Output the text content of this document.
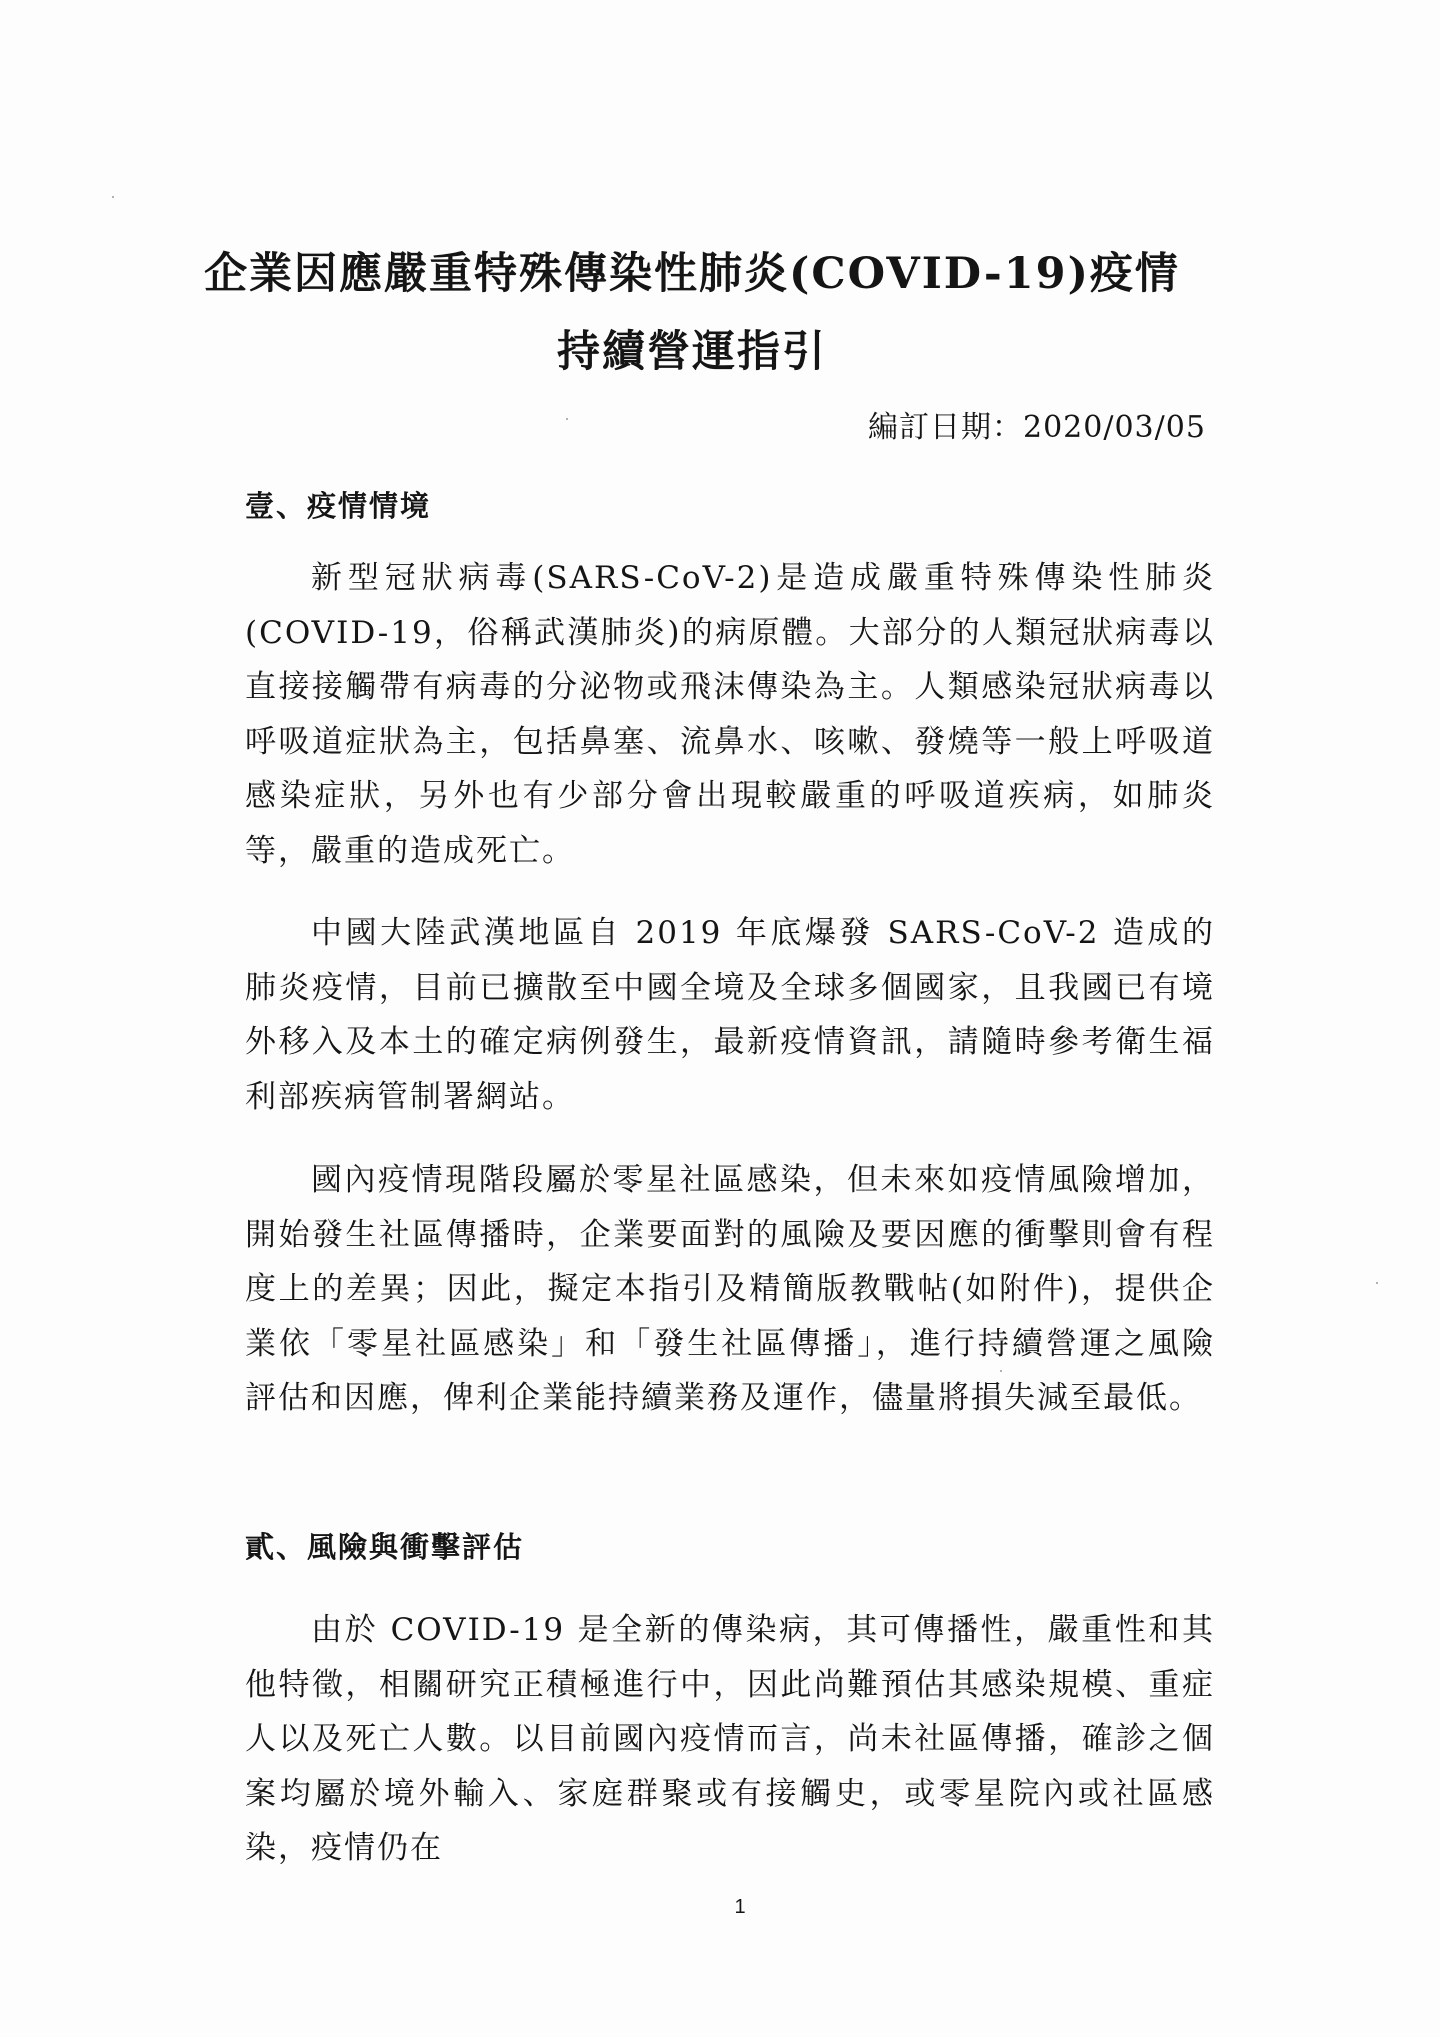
企業因應嚴重特殊傳染性肺炎(COVID-19)疫情
持續營運指引
編訂日期：2020/03/05
壹、疫情情境

新型冠狀病毒(SARS-CoV-2)是造成嚴重特殊傳染性肺炎(COVID-19，俗稱武漢肺炎)的病原體。大部分的人類冠狀病毒以直接接觸帶有病毒的分泌物或飛沫傳染為主。人類感染冠狀病毒以呼吸道症狀為主，包括鼻塞、流鼻水、咳嗽、發燒等一般上呼吸道感染症狀，另外也有少部分會出現較嚴重的呼吸道疾病，如肺炎等，嚴重的造成死亡。

中國大陸武漢地區自 2019 年底爆發 SARS-CoV-2 造成的肺炎疫情，目前已擴散至中國全境及全球多個國家，且我國已有境外移入及本土的確定病例發生，最新疫情資訊，請隨時參考衛生福利部疾病管制署網站。

國內疫情現階段屬於零星社區感染，但未來如疫情風險增加，開始發生社區傳播時，企業要面對的風險及要因應的衝擊則會有程度上的差異；因此，擬定本指引及精簡版教戰帖(如附件)，提供企業依「零星社區感染」和「發生社區傳播」，進行持續營運之風險評估和因應，俾利企業能持續業務及運作，儘量將損失減至最低。

貳、風險與衝擊評估

由於 COVID-19 是全新的傳染病，其可傳播性，嚴重性和其他特徵，相關研究正積極進行中，因此尚難預估其感染規模、重症人以及死亡人數。以目前國內疫情而言，尚未社區傳播，確診之個案均屬於境外輸入、家庭群聚或有接觸史，或零星院內或社區感染，疫情仍在

1
